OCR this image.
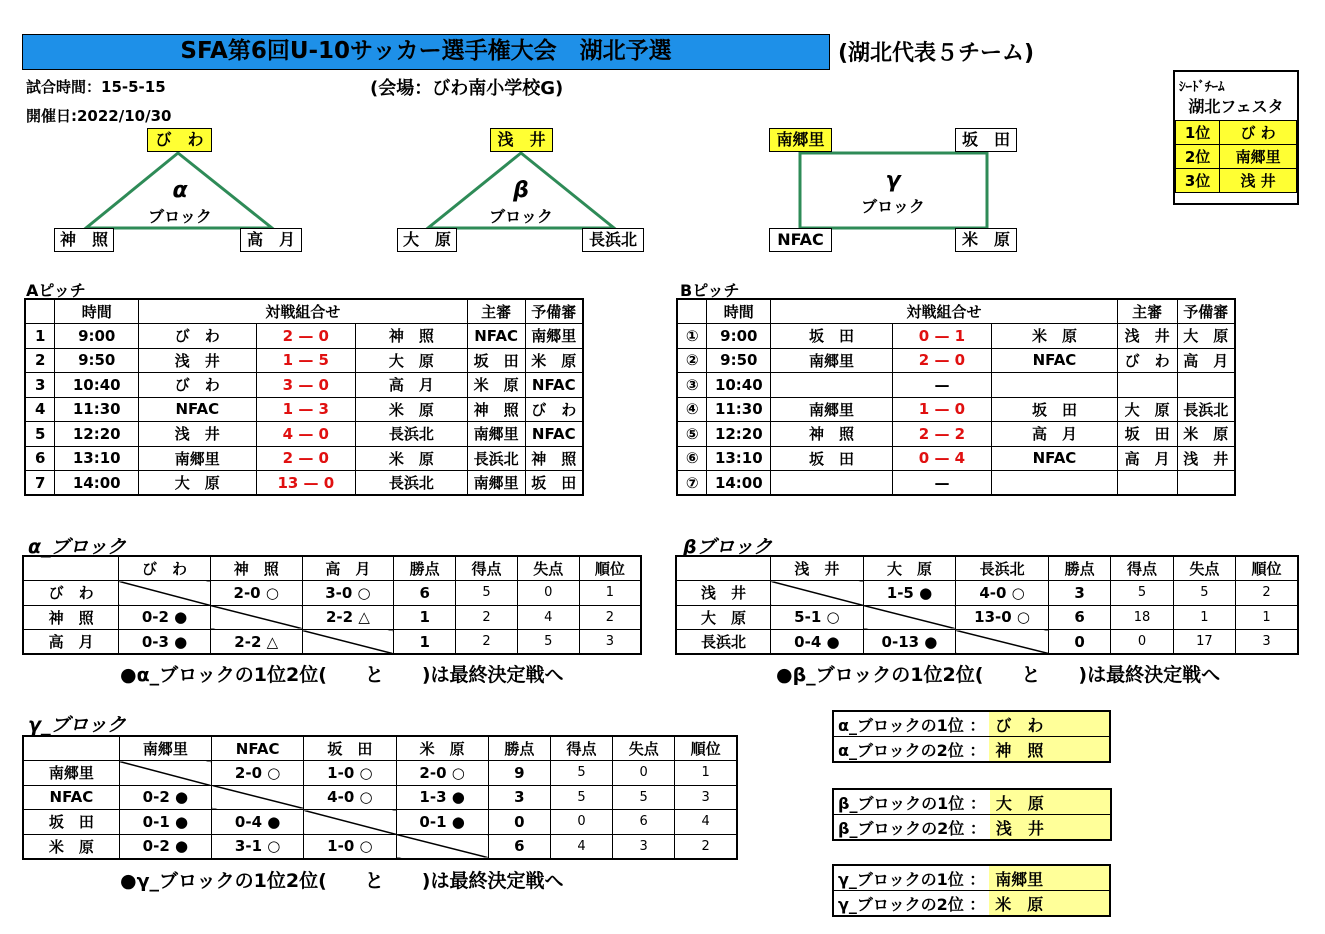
SFA第6回U-10サッカー選手権大会　湖北予選	(湖北代表５チーム)
試合時間：15-5-15	(会場：びわ南小学校G)
開催日:2022/10/30
ｼｰﾄﾞﾁｰﾑ
湖北フェスタ
1位	び わ
2位	南郷里
3位	浅 井
び　わ
神　照	高　月
α
ブロック
浅　井
大　原	長浜北
β
ブロック
南郷里	坂　田
NFAC	米　原
γ
ブロック
Aピッチ
	時間	対戦組合せ			主審	予備審
1	9:00	び　わ	2 — 0	神　照	NFAC	南郷里
2	9:50	浅　井	1 — 5	大　原	坂　田	米　原
3	10:40	び　わ	3 — 0	高　月	米　原	NFAC
4	11:30	NFAC	1 — 3	米　原	神　照	び　わ
5	12:20	浅　井	4 — 0	長浜北	南郷里	NFAC
6	13:10	南郷里	2 — 0	米　原	長浜北	神　照
7	14:00	大　原	13 — 0	長浜北	南郷里	坂　田
Bピッチ
	時間	対戦組合せ			主審	予備審
①	9:00	坂　田	0 — 1	米　原	浅　井	大　原
②	9:50	南郷里	2 — 0	NFAC	び　わ	高　月
③	10:40		—			
④	11:30	南郷里	1 — 0	坂　田	大　原	長浜北
⑤	12:20	神　照	2 — 2	高　月	坂　田	米　原
⑥	13:10	坂　田	0 — 4	NFAC	高　月	浅　井
⑦	14:00		—			
α_ブロック
	び　わ	神　照	高　月	勝点	得点	失点	順位
び　わ		2-0 ○	3-0 ○	6	5	0	1
神　照	0-2 ●		2-2 △	1	2	4	2
高　月	0-3 ●	2-2 △		1	2	5	3
●α_ブロックの1位2位(　　と　　)は最終決定戦へ
βブロック
	浅　井	大　原	長浜北	勝点	得点	失点	順位
浅　井		1-5 ●	4-0 ○	3	5	5	2
大　原	5-1 ○		13-0 ○	6	18	1	1
長浜北	0-4 ●	0-13 ●		0	0	17	3
●β_ブロックの1位2位(　　と　　)は最終決定戦へ
γ_ブロック
	南郷里	NFAC	坂　田	米　原	勝点	得点	失点	順位
南郷里		2-0 ○	1-0 ○	2-0 ○	9	5	0	1
NFAC	0-2 ●		4-0 ○	1-3 ●	3	5	5	3
坂　田	0-1 ●	0-4 ●		0-1 ●	0	0	6	4
米　原	0-2 ●	3-1 ○	1-0 ○		6	4	3	2
●γ_ブロックの1位2位(　　と　　)は最終決定戦へ
α_ブロックの1位 ：	び　わ
α_ブロックの2位 ：	神　照
β_ブロックの1位 ：	大　原
β_ブロックの2位 ：	浅　井
γ_ブロックの1位 ：	南郷里
γ_ブロックの2位 ：	米　原
